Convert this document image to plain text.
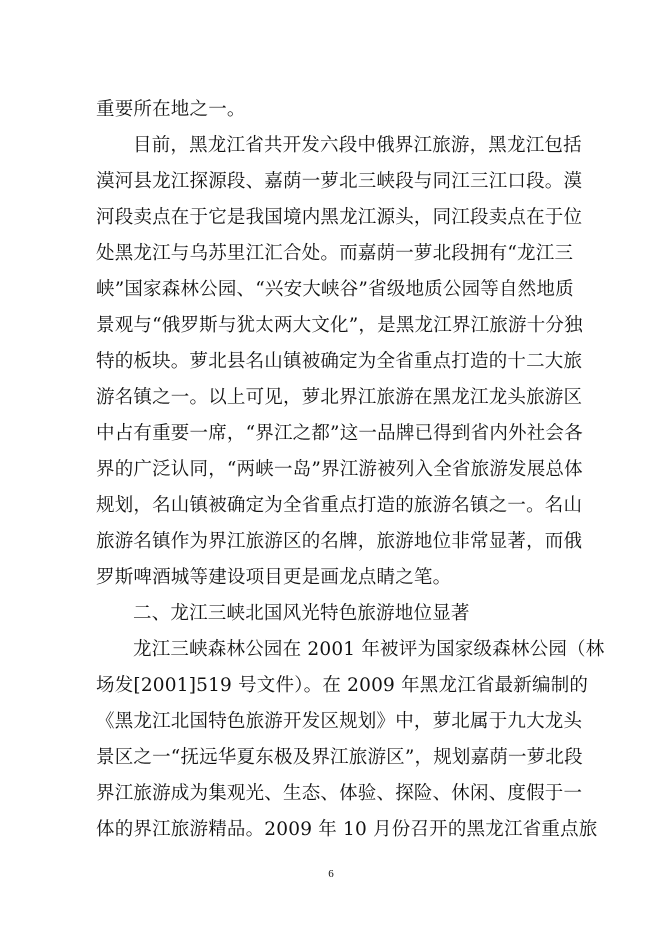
重要所在地之一。
目前，黑龙江省共开发六段中俄界江旅游，黑龙江包括
漠河县龙江探源段、嘉荫一萝北三峡段与同江三江口段。漠
河段卖点在于它是我国境内黑龙江源头，同江段卖点在于位
处黑龙江与乌苏里江汇合处。而嘉荫一萝北段拥有“龙江三
峡”国家森林公园、“兴安大峡谷”省级地质公园等自然地质
景观与“俄罗斯与犹太两大文化”，是黑龙江界江旅游十分独
特的板块。萝北县名山镇被确定为全省重点打造的十二大旅
游名镇之一。以上可见，萝北界江旅游在黑龙江龙头旅游区
中占有重要一席，“界江之都”这一品牌已得到省内外社会各
界的广泛认同，“两峡一岛”界江游被列入全省旅游发展总体
规划，名山镇被确定为全省重点打造的旅游名镇之一。名山
旅游名镇作为界江旅游区的名牌，旅游地位非常显著，而俄
罗斯啤酒城等建设项目更是画龙点睛之笔。
二、龙江三峡北国风光特色旅游地位显著
龙江三峡森林公园在 2001 年被评为国家级森林公园（林
场发[2001]519 号文件）。在 2009 年黑龙江省最新编制的
《黑龙江北国特色旅游开发区规划》中，萝北属于九大龙头
景区之一“抚远华夏东极及界江旅游区”，规划嘉荫一萝北段
界江旅游成为集观光、生态、体验、探险、休闲、度假于一
体的界江旅游精品。2009 年 10 月份召开的黑龙江省重点旅
6
